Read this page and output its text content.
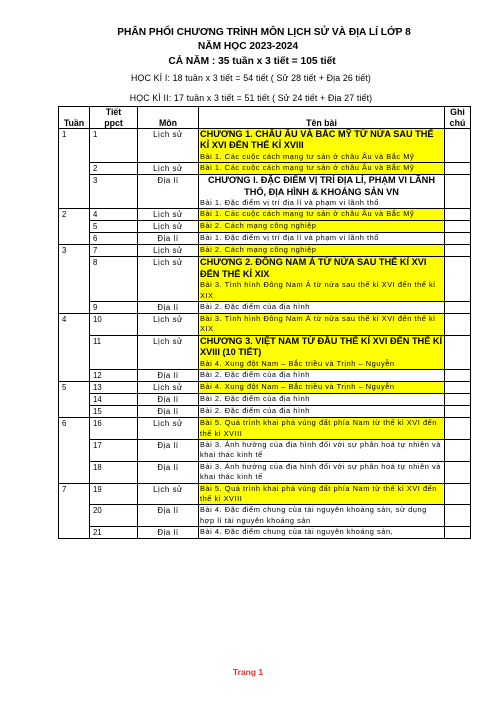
PHÂN PHỐI CHƯƠNG TRÌNH MÔN LỊCH SỬ VÀ ĐỊA LÍ LỚP 8
NĂM HỌC 2023-2024
CẢ NĂM : 35 tuần x 3 tiết = 105 tiết
HỌC KÌ I: 18 tuần x 3 tiết = 54 tiết ( Sử 28 tiết + Địa 26 tiết)
HỌC KÌ II: 17 tuần x 3 tiết = 51 tiết ( Sử 24 tiết + Địa 27 tiết)
Tuần	Tiết ppct	Môn	Tên bài	Ghi chú
1	1	Lịch sử	CHƯƠNG 1. CHÂU ÂU VÀ BẮC MỸ TỪ NỬA SAU THẾ KỈ XVI ĐẾN THẾ KỈ XVIII
Bài 1. Các cuộc cách mạng tư sản ở châu Âu và Bắc Mỹ	

	2	Lịch sử	Bài 1. Các cuộc cách mạng tư sản ở châu Âu và Bắc Mỹ	

	3	Địa lí	CHƯƠNG I. ĐẶC ĐIỂM VỊ TRÍ ĐỊA LÍ, PHẠM VI LÃNH THỔ, ĐỊA HÌNH & KHOÁNG SẢN VN
Bài 1. Đặc điểm vị trí địa lí và phạm vi lãnh thổ	

2	4	Lịch sử	Bài 1. Các cuộc cách mạng tư sản ở châu Âu và Bắc Mỹ	

	5	Lịch sử	Bài 2. Cách mạng công nghiệp	

	6	Địa lí	Bài 1. Đặc điểm vị trí địa lí và phạm vi lãnh thổ	

3	7	Lịch sử	Bài 2. Cách mạng công nghiệp	

	8	Lịch sử	CHƯƠNG 2. ĐÔNG NAM Á TỪ NỬA SAU THẾ KỈ XVI ĐẾN THẾ KỈ XIX
Bài 3. Tình hình Đông Nam Á từ nửa sau thế kỉ XVI đến thế kỉ XIX	

	9	Địa lí	Bài 2. Đặc điểm của địa hình	

4	10	Lịch sử	Bài 3. Tình hình Đông Nam Á từ nửa sau thế kỉ XVI đến thế kỉ XIX	

	11	Lịch sử	CHƯƠNG 3. VIỆT NAM TỪ ĐẦU THẾ KỈ XVI ĐẾN THẾ KỈ XVIII (10 TIẾT)
Bài 4. Xung đột Nam – Bắc triều và Trịnh – Nguyễn	

	12	Địa lí	Bài 2. Đặc điểm của địa hình	

5	13	Lịch sử	Bài 4. Xung đột Nam – Bắc triều và Trịnh – Nguyễn	

	14	Địa lí	Bài 2. Đặc điểm của địa hình	

	15	Địa lí	Bài 2. Đặc điểm của địa hình	

6	16	Lịch sử	Bài 5. Quá trình khai phá vùng đất phía Nam từ thế kỉ XVI đến thế kỉ XVIII	

	17	Địa lí	Bài 3. Ảnh hưởng của địa hình đối với sự phân hoá tự nhiên và khai thác kinh tế	

	18	Địa lí	Bài 3. Ảnh hưởng của địa hình đối với sự phân hoá tự nhiên và khai thác kinh tế	

7	19	Lịch sử	Bài 5. Quá trình khai phá vùng đất phía Nam từ thế kỉ XVI đến thế kỉ XVIII	

	20	Địa lí	Bài 4. Đặc điểm chung của tài nguyên khoáng sản, sử dụng hợp lí tài nguyên khoáng sản	

	21	Địa lí	Bài 4. Đặc điểm chung của tài nguyên khoáng sản,	

Trang 1
